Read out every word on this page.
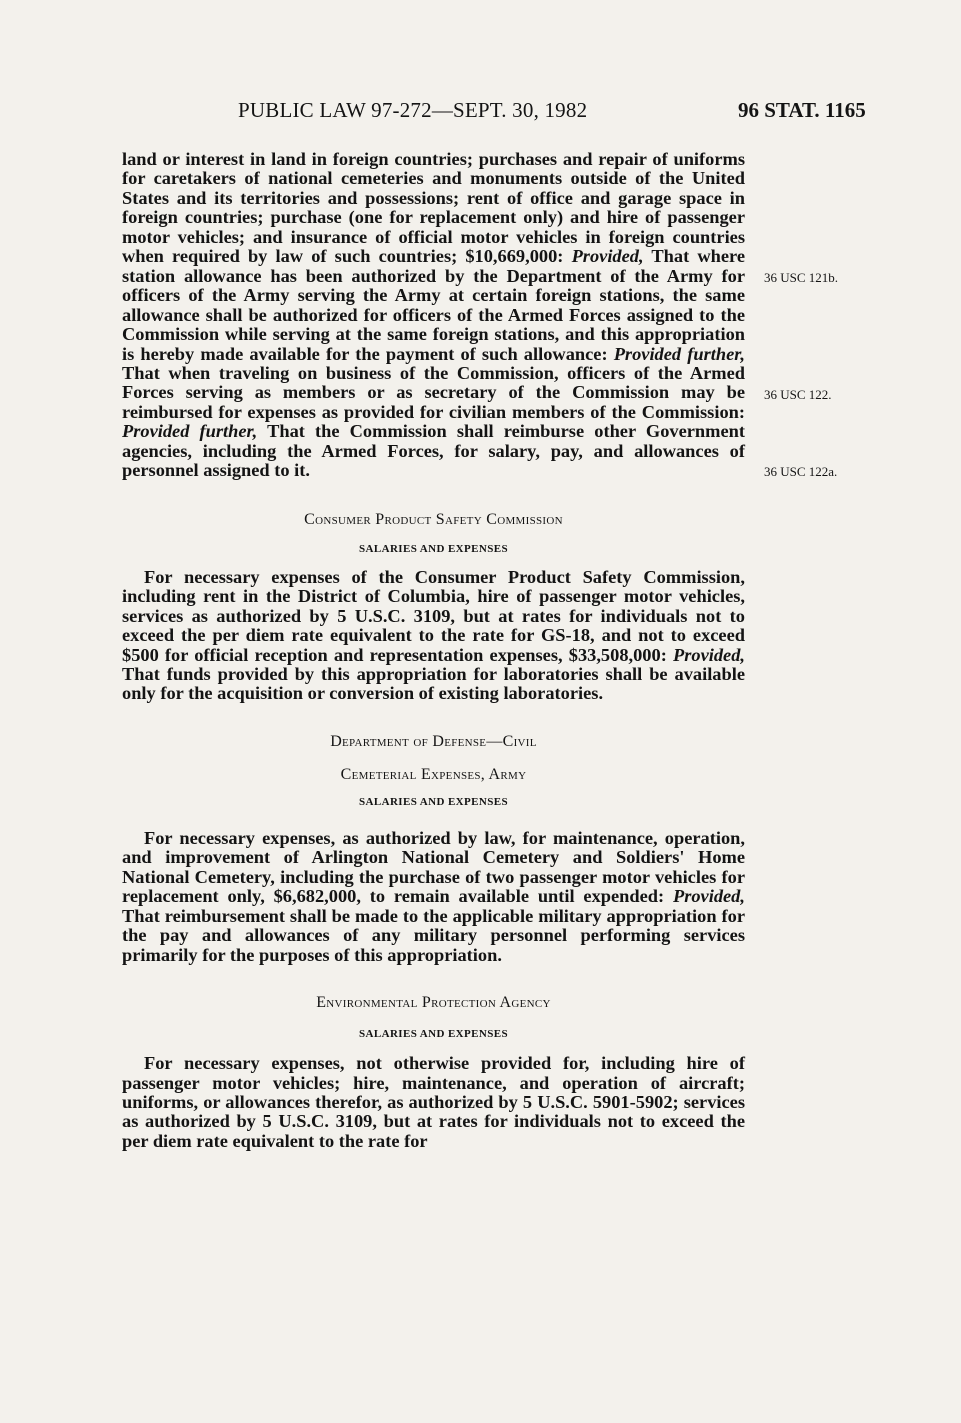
PUBLIC LAW 97-272—SEPT. 30, 1982	96 STAT. 1165

land or interest in land in foreign countries; purchases and repair of uniforms for caretakers of national cemeteries and monuments outside of the United States and its territories and possessions; rent of office and garage space in foreign countries; purchase (one for replacement only) and hire of passenger motor vehicles; and insurance of official motor vehicles in foreign countries when required by law of such countries; $10,669,000: Provided, That where station allowance has been authorized by the Department of the Army for officers of the Army serving the Army at certain foreign stations, the same allowance shall be authorized for officers of the Armed Forces assigned to the Commission while serving at the same foreign stations, and this appropriation is hereby made available for the payment of such allowance: Provided further, That when traveling on business of the Commission, officers of the Armed Forces serving as members or as secretary of the Commission may be reimbursed for expenses as provided for civilian members of the Commission: Provided further, That the Commission shall reimburse other Government agencies, including the Armed Forces, for salary, pay, and allowances of personnel assigned to it.

Consumer Product Safety Commission

SALARIES AND EXPENSES

For necessary expenses of the Consumer Product Safety Commission, including rent in the District of Columbia, hire of passenger motor vehicles, services as authorized by 5 U.S.C. 3109, but at rates for individuals not to exceed the per diem rate equivalent to the rate for GS-18, and not to exceed $500 for official reception and representation expenses, $33,508,000: Provided, That funds provided by this appropriation for laboratories shall be available only for the acquisition or conversion of existing laboratories.

Department of Defense—Civil

Cemeterial Expenses, Army

SALARIES AND EXPENSES

For necessary expenses, as authorized by law, for maintenance, operation, and improvement of Arlington National Cemetery and Soldiers' Home National Cemetery, including the purchase of two passenger motor vehicles for replacement only, $6,682,000, to remain available until expended: Provided, That reimbursement shall be made to the applicable military appropriation for the pay and allowances of any military personnel performing services primarily for the purposes of this appropriation.

Environmental Protection Agency

SALARIES AND EXPENSES

For necessary expenses, not otherwise provided for, including hire of passenger motor vehicles; hire, maintenance, and operation of aircraft; uniforms, or allowances therefor, as authorized by 5 U.S.C. 5901-5902; services as authorized by 5 U.S.C. 3109, but at rates for individuals not to exceed the per diem rate equivalent to the rate for

36 USC 121b.
36 USC 122.
36 USC 122a.
